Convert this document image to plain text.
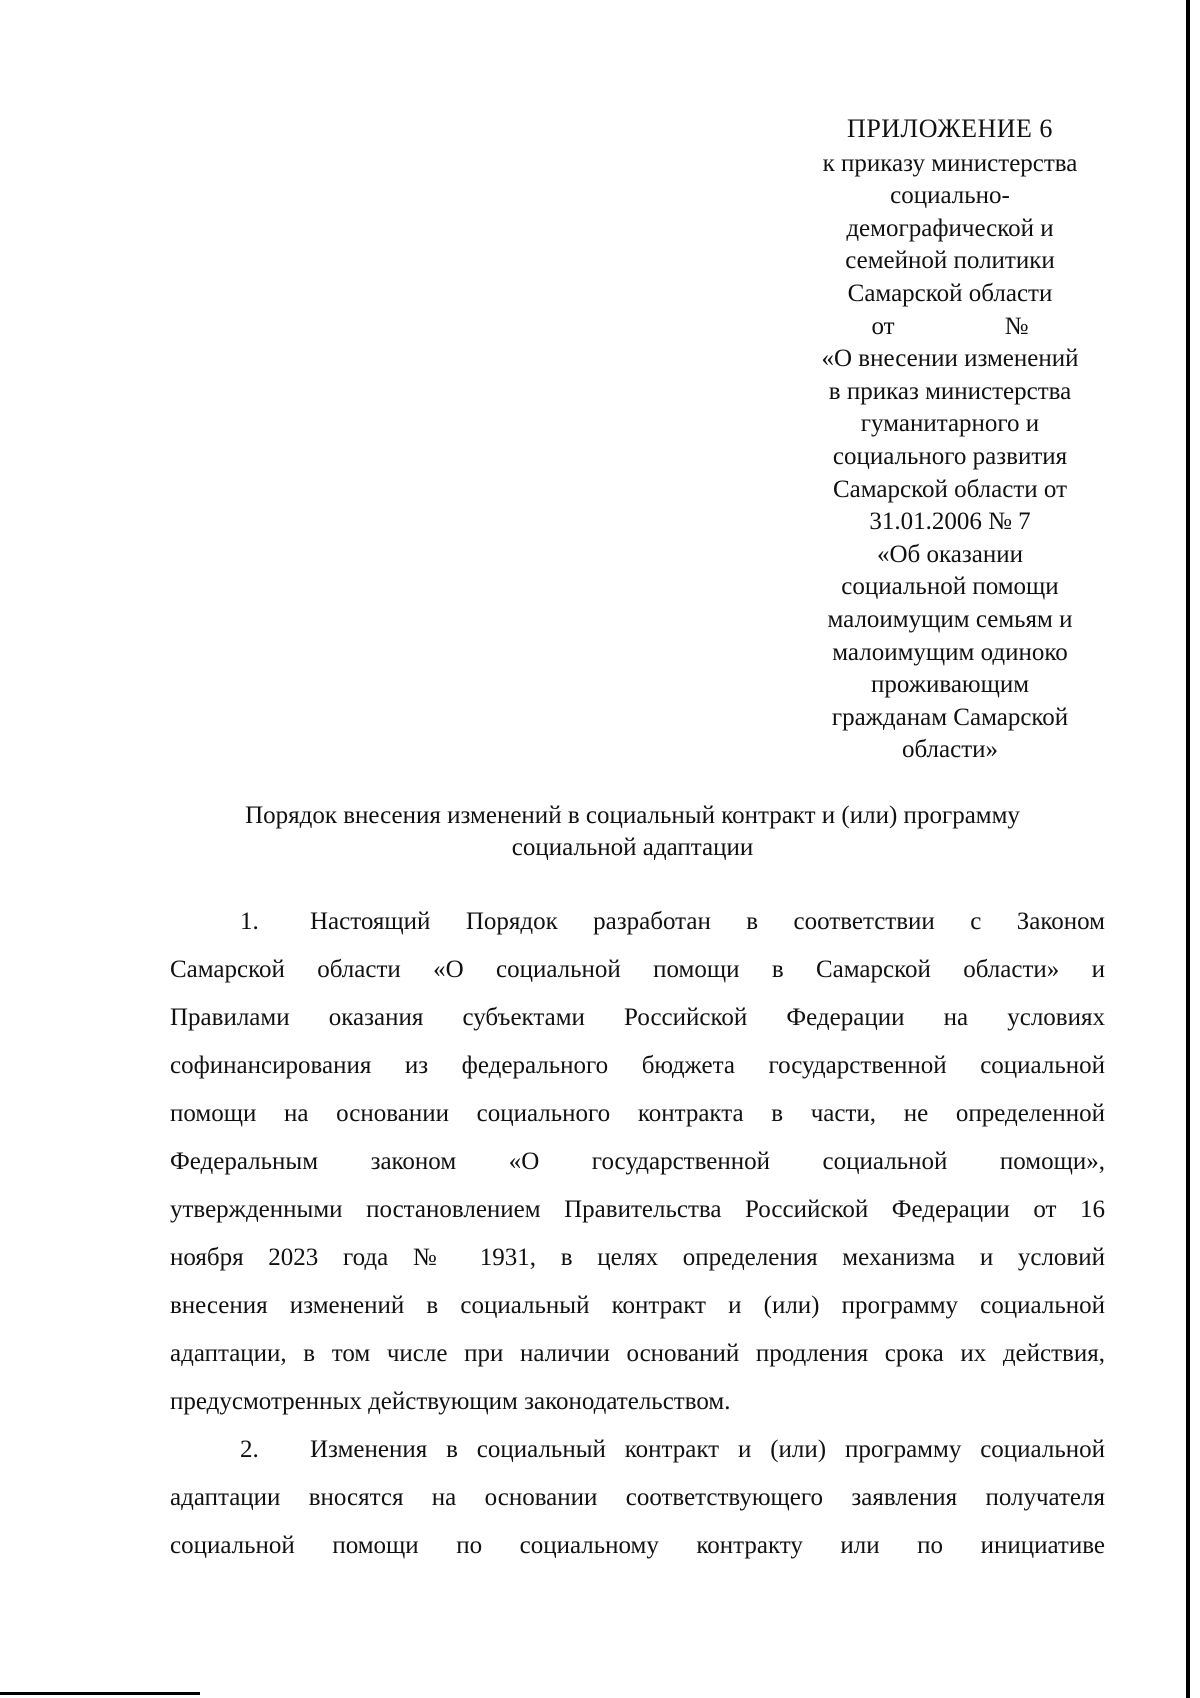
ПРИЛОЖЕНИЕ 6
к приказу министерства
социально-
демографической и
семейной политики
Самарской области
от	№
«О внесении изменений
в приказ министерства
гуманитарного и
социального развития
Самарской области от
31.01.2006 № 7
«Об оказании
социальной помощи
малоимущим семьям и
малоимущим одиноко
проживающим
гражданам Самарской
области»
Порядок внесения изменений в социальный контракт и (или) программу
социальной адаптации
1. Настоящий Порядок разработан в соответствии с Законом
Самарской области «О социальной помощи в Самарской области» и
Правилами оказания субъектами Российской Федерации на условиях
софинансирования из федерального бюджета государственной социальной
помощи на основании социального контракта в части, не определенной
Федеральным законом «О государственной социальной помощи»,
утвержденными постановлением Правительства Российской Федерации от 16
ноября 2023 года № 1931, в целях определения механизма и условий
внесения изменений в социальный контракт и (или) программу социальной
адаптации, в том числе при наличии оснований продления срока их действия,
предусмотренных действующим законодательством.
2. Изменения в социальный контракт и (или) программу социальной
адаптации вносятся на основании соответствующего заявления получателя
социальной помощи по социальному контракту или по инициативе
